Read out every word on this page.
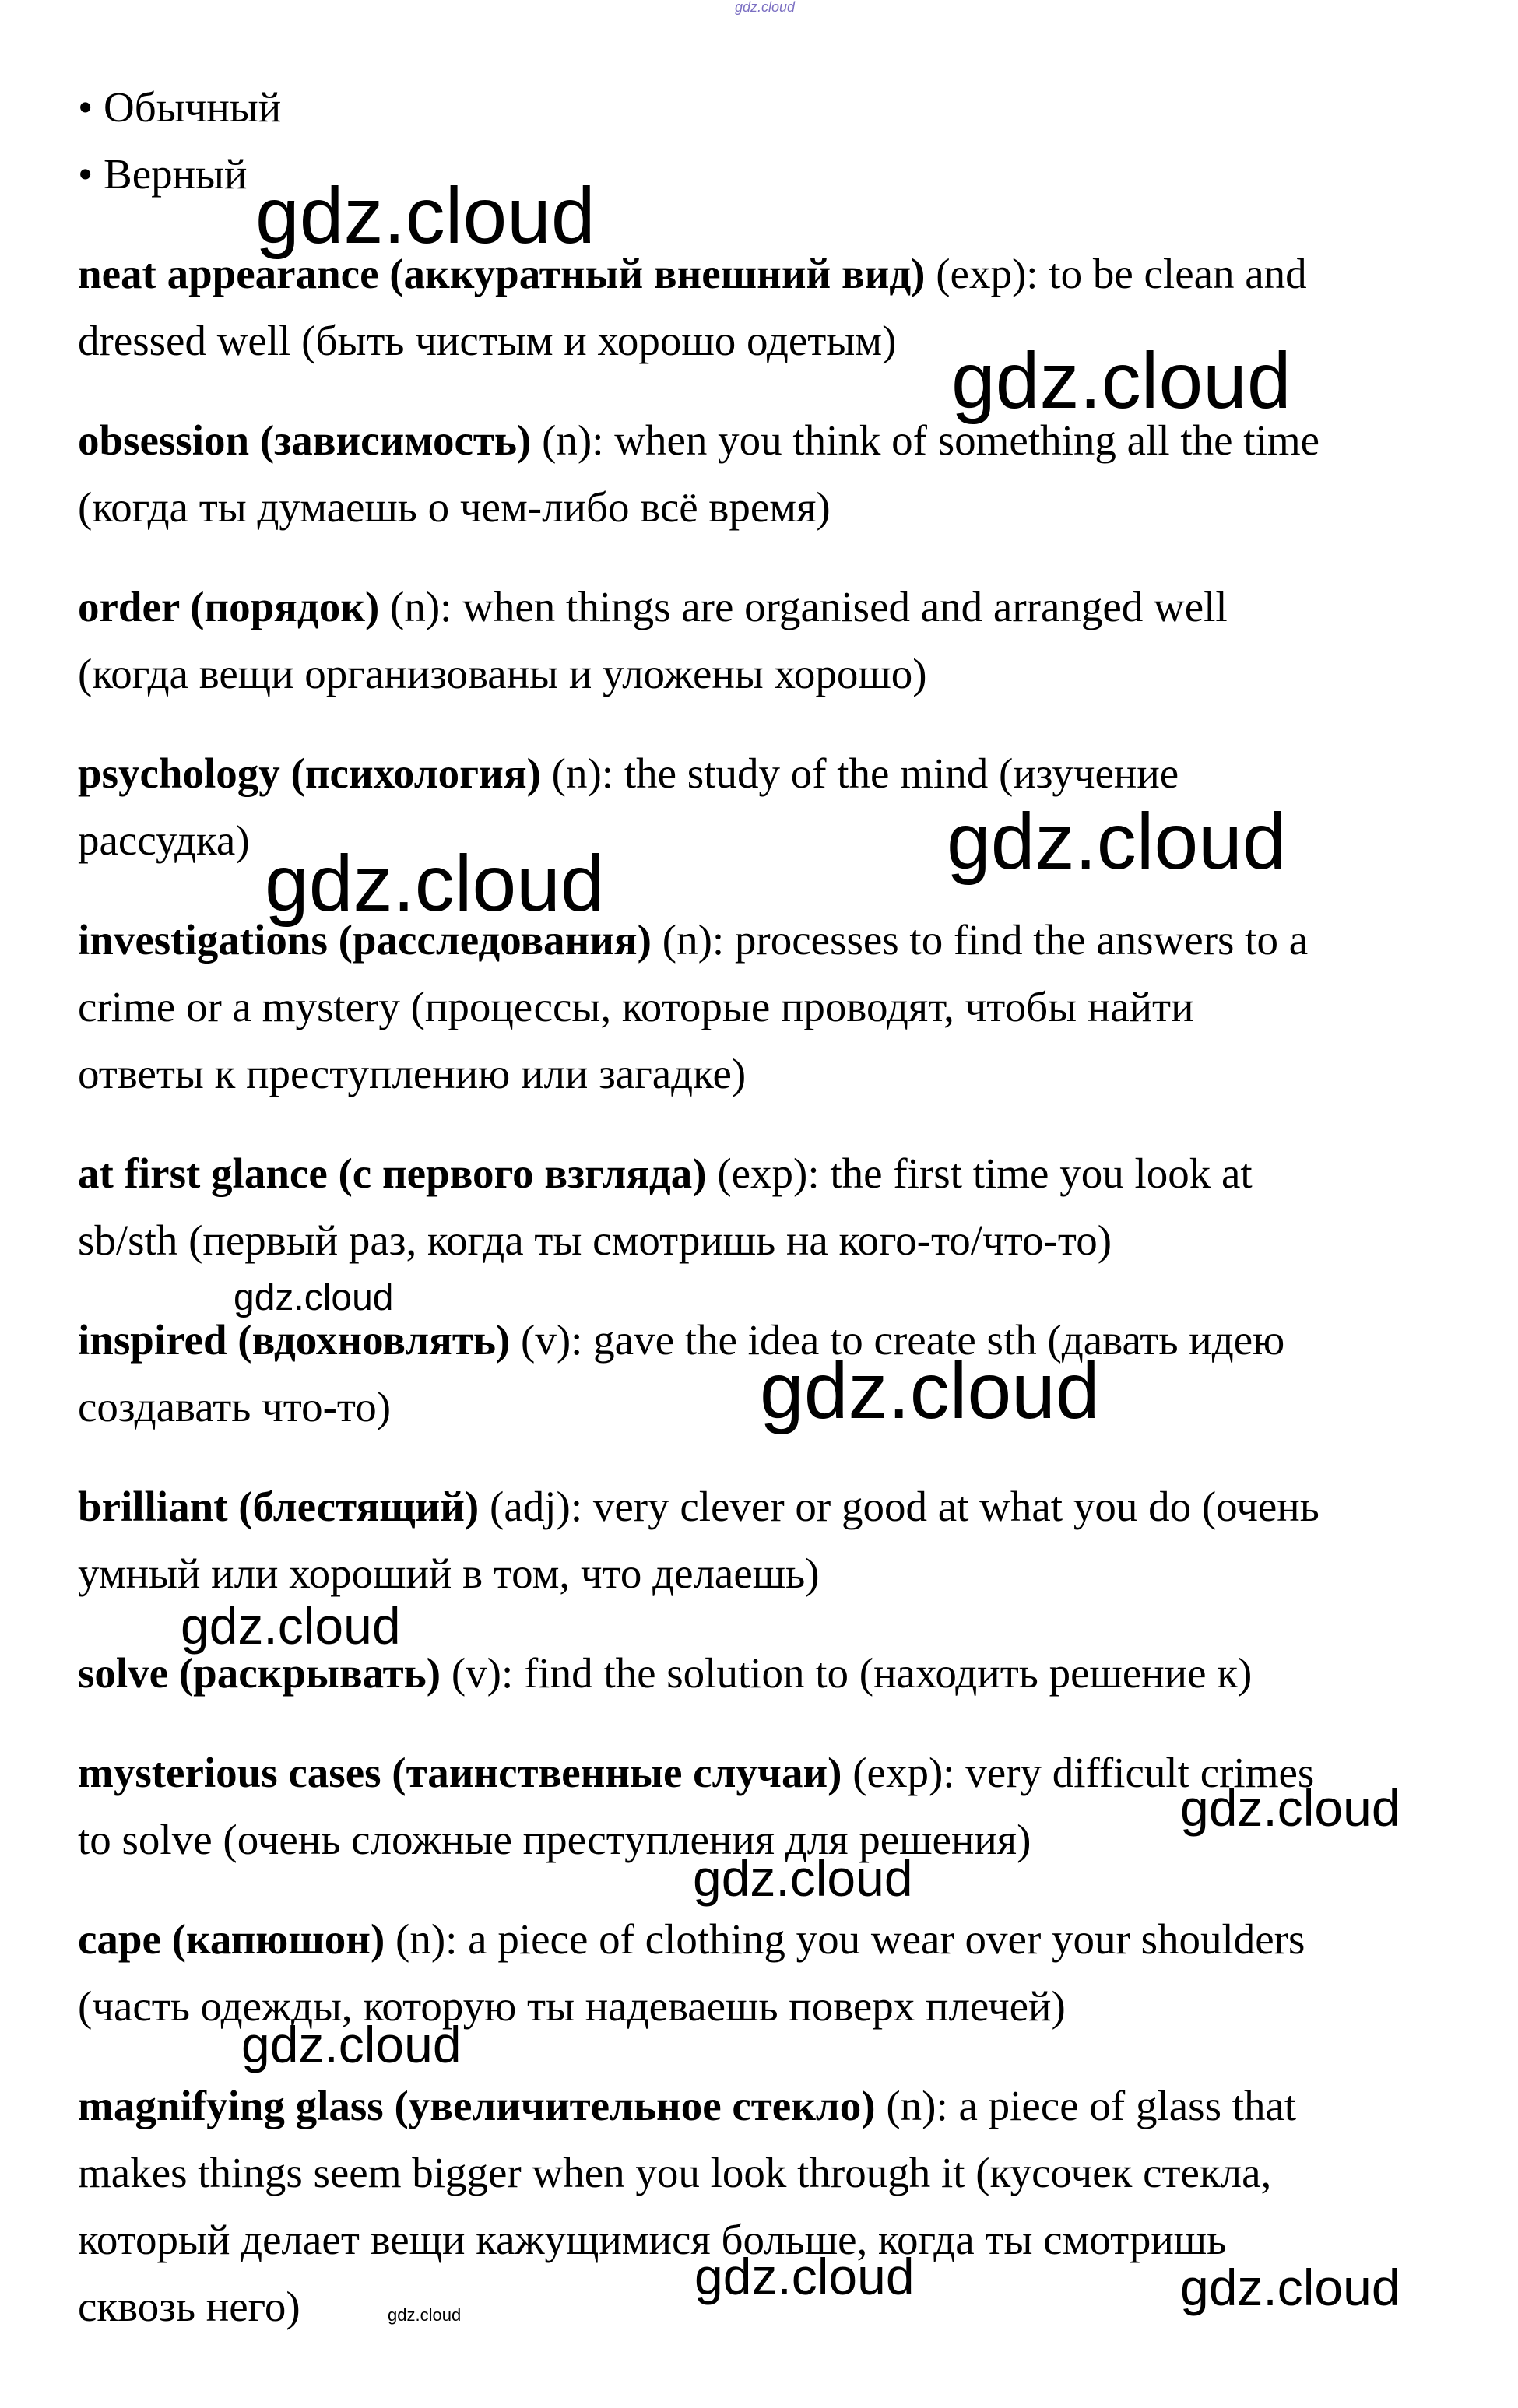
gdz.cloud
• Обычный
• Верный
neat appearance (аккуратный внешний вид) (exp): to be clean and
dressed well (быть чистым и хорошо одетым)
obsession (зависимость) (n): when you think of something all the time
(когда ты думаешь о чем-либо всё время)
order (порядок) (n): when things are organised and arranged well
(когда вещи организованы и уложены хорошо)
psychology (психология) (n): the study of the mind (изучение
рассудка)
investigations (расследования) (n): processes to find the answers to a
crime or a mystery (процессы, которые проводят, чтобы найти
ответы к преступлению или загадке)
at first glance (с первого взгляда) (exp): the first time you look at
sb/sth (первый раз, когда ты смотришь на кого-то/что-то)
inspired (вдохновлять) (v): gave the idea to create sth (давать идею
создавать что-то)
brilliant (блестящий) (adj): very clever or good at what you do (очень
умный или хороший в том, что делаешь)
solve (раскрывать) (v): find the solution to (находить решение к)
mysterious cases (таинственные случаи) (exp): very difficult crimes
to solve (очень сложные преступления для решения)
cape (капюшон) (n): a piece of clothing you wear over your shoulders
(часть одежды, которую ты надеваешь поверх плечей)
magnifying glass (увеличительное стекло) (n): a piece of glass that
makes things seem bigger when you look through it (кусочек стекла,
который делает вещи кажущимися больше, когда ты смотришь
сквозь него)
gdz.cloud
gdz.cloud
gdz.cloud
gdz.cloud
gdz.cloud
gdz.cloud
gdz.cloud
gdz.cloud
gdz.cloud
gdz.cloud
gdz.cloud	gdz.cloud
gdz.cloud
